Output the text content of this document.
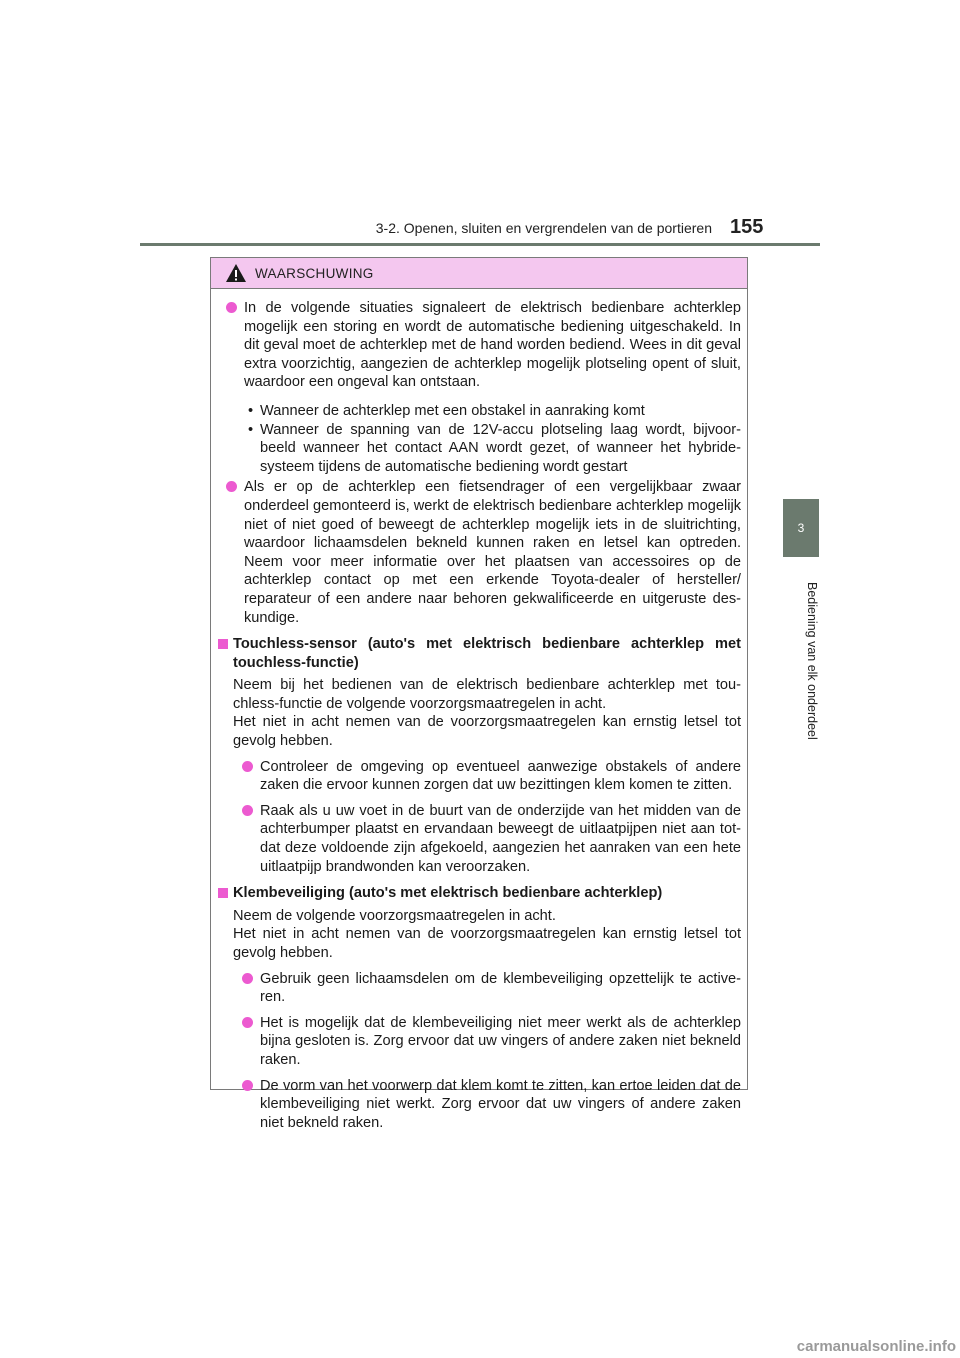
3-2. Openen, sluiten en vergrendelen van de portieren 155
3
Bediening van elk onderdeel
WAARSCHUWING
In de volgende situaties signaleert de elektrisch bedienbare achterklep mogelijk een storing en wordt de automatische bediening uitgeschakeld. In dit geval moet de achterklep met de hand worden bediend. Wees in dit geval extra voorzichtig, aangezien de achterklep mogelijk plotseling opent of sluit, waardoor een ongeval kan ontstaan.
• Wanneer de achterklep met een obstakel in aanraking komt
• Wanneer de spanning van de 12V-accu plotseling laag wordt, bijvoor-beeld wanneer het contact AAN wordt gezet, of wanneer het hybride-systeem tijdens de automatische bediening wordt gestart
Als er op de achterklep een fietsendrager of een vergelijkbaar zwaar onderdeel gemonteerd is, werkt de elektrisch bedienbare achterklep mogelijk niet of niet goed of beweegt de achterklep mogelijk iets in de sluitrichting, waardoor lichaamsdelen bekneld kunnen raken en letsel kan optreden. Neem voor meer informatie over het plaatsen van accessoires op de achterklep contact op met een erkende Toyota-dealer of hersteller/ reparateur of een andere naar behoren gekwalificeerde en uitgeruste des-kundige.
Touchless-sensor (auto's met elektrisch bedienbare achterklep met touchless-functie)
Neem bij het bedienen van de elektrisch bedienbare achterklep met tou-chless-functie de volgende voorzorgsmaatregelen in acht.
Het niet in acht nemen van de voorzorgsmaatregelen kan ernstig letsel tot gevolg hebben.
Controleer de omgeving op eventueel aanwezige obstakels of andere zaken die ervoor kunnen zorgen dat uw bezittingen klem komen te zitten.
Raak als u uw voet in de buurt van de onderzijde van het midden van de achterbumper plaatst en ervandaan beweegt de uitlaatpijpen niet aan tot-dat deze voldoende zijn afgekoeld, aangezien het aanraken van een hete uitlaatpijp brandwonden kan veroorzaken.
Klembeveiliging (auto's met elektrisch bedienbare achterklep)
Neem de volgende voorzorgsmaatregelen in acht.
Het niet in acht nemen van de voorzorgsmaatregelen kan ernstig letsel tot gevolg hebben.
Gebruik geen lichaamsdelen om de klembeveiliging opzettelijk te active-ren.
Het is mogelijk dat de klembeveiliging niet meer werkt als de achterklep bijna gesloten is. Zorg ervoor dat uw vingers of andere zaken niet bekneld raken.
De vorm van het voorwerp dat klem komt te zitten, kan ertoe leiden dat de klembeveiliging niet werkt. Zorg ervoor dat uw vingers of andere zaken niet bekneld raken.
carmanualsonline.info
